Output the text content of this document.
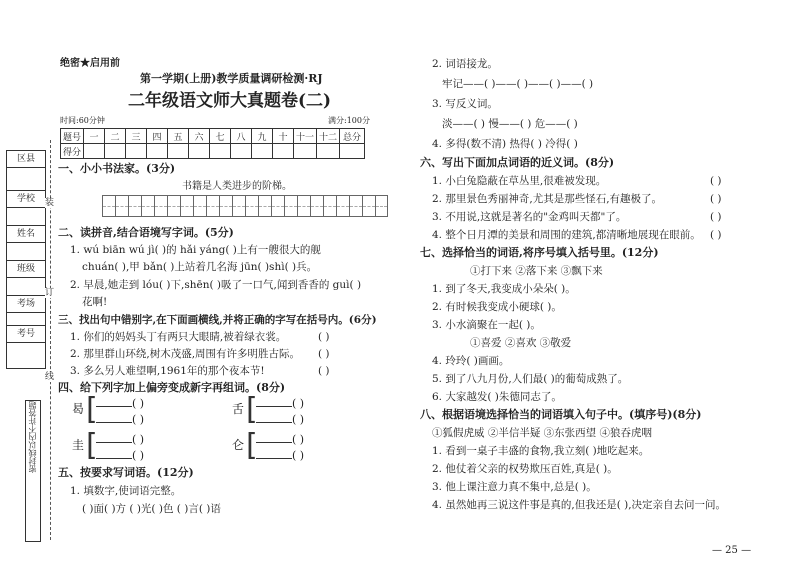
区县
学校
姓名
班级
考场
考号
装
订
线
密封线以内不许答题
绝密★启用前
第一学期(上册)教学质量调研检测·RJ
二年级语文师大真题卷(二)
时间:60分钟	满分:100分
题号	一	二	三	四	五	六	七	八	九	十	十一	十二	总分
得分													
一、小小书法家。(3分)
书籍是人类进步的阶梯。
二、读拼音,结合语境写字词。(5分)
1. wú biān wú jì( )的 hǎi yáng( )上有一艘很大的舰
chuán( ),甲 bǎn( )上站着几名海 jūn( )shì( )兵。
2. 早晨,她走到 lóu( )下,shēn( )吸了一口气,闻到香香的 guì( )
花啊!
三、找出句中错别字,在下面画横线,并将正确的字写在括号内。(6分)
1. 你们的妈妈头丁有两只大眼睛,被着绿衣裳。	( )
2. 那里群山环绕,树木茂盛,周围有许多明胜古际。 ( )
3. 多么另人难望啊,1961年的那个夜本节!	( )
四、给下列字加上偏旁变成新字再组词。(8分)
曷 [	( )
( )
舌 [	( )
( )
圭 [	( )
( )
仑 [	( )
( )
五、按要求写词语。(12分)
1. 填数字,使词语完整。
( )面( )方 ( )光( )色 ( )言( )语
2. 词语接龙。
牢记——( )——( )——( )——( )
3. 写反义词。
淡——( ) 慢——( ) 危——( )
4. 多得(数不清) 热得( ) 冷得( )
六、写出下面加点词语的近义词。(8分)
1. 小白兔隐蔽在草丛里,很难被发现。	( )
2. 那里景色秀丽神奇,尤其是那些怪石,有趣极了。	( )
3. 不用说,这就是著名的"金鸡叫天都"了。	( )
4. 整个日月潭的美景和周围的建筑,都清晰地展现在眼前。 ( )
七、选择恰当的词语,将序号填入括号里。(12分)
①打下来 ②落下来 ③飘下来
1. 到了冬天,我变成小朵朵( )。
2. 有时候我变成小硬球( )。
3. 小水滴聚在一起( )。
①喜爱 ②喜欢 ③敬爱
4. 玲玲( )画画。
5. 到了八九月份,人们最( )的葡萄成熟了。
6. 大家越发( )朱德同志了。
八、根据语境选择恰当的词语填入句子中。(填序号)(8分)
①狐假虎威 ②半信半疑 ③东张西望 ④狼吞虎咽
1. 看到一桌子丰盛的食物,我立刻( )地吃起来。
2. 他仗着父亲的权势欺压百姓,真是( )。
3. 他上课注意力真不集中,总是( )。
4. 虽然她再三说这件事是真的,但我还是( ),决定亲自去问一问。
— 25 —
